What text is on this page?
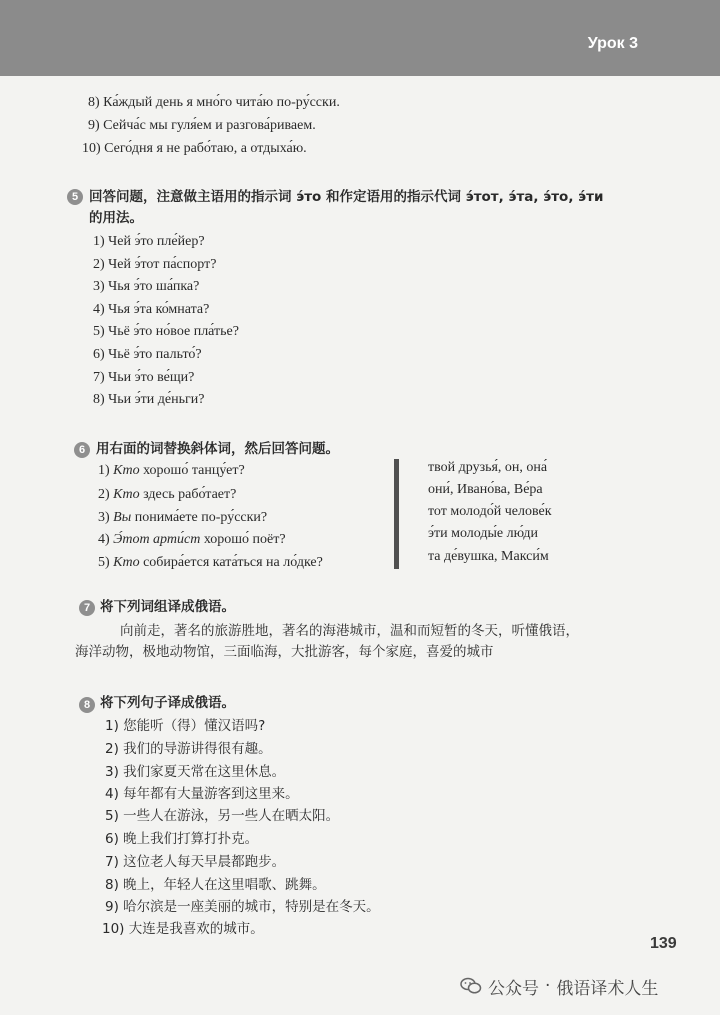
Урок 3
8) Ка́ждый день я мно́го чита́ю по-ру́сски.
9) Сейча́с мы гуля́ем и разгова́риваем.
10) Сего́дня я не рабо́таю, а отдыха́ю.
5 回答问题，注意做主语用的指示词 э́то 和作定语用的指示代词 э́тот, э́та, э́то, э́ти
的用法。
1) Чей э́то пле́йер?
2) Чей э́тот па́спорт?
3) Чья э́то ша́пка?
4) Чья э́та ко́мната?
5) Чьё э́то но́вое пла́тье?
6) Чьё э́то пальто́?
7) Чьи э́то ве́щи?
8) Чьи э́ти де́ньги?
6 用右面的词替换斜体词，然后回答问题。
1) Кто хорошо́ танцу́ет?
2) Кто здесь рабо́тает?
3) Вы понима́ете по-ру́сски?
4) Э́тот арти́ст хорошо́ поёт?
5) Кто собира́ется ката́ться на ло́дке?
твой друзья́, он, она́
они́, Ивано́ва, Ве́ра
тот молодо́й челове́к
э́ти молоды́е лю́ди
та де́вушка, Макси́м
7 将下列词组译成俄语。
向前走，著名的旅游胜地，著名的海港城市，温和而短暂的冬天，听懂俄语，
海洋动物，极地动物馆，三面临海，大批游客，每个家庭，喜爱的城市
8 将下列句子译成俄语。
1) 您能听（得）懂汉语吗?
2) 我们的导游讲得很有趣。
3) 我们家夏天常在这里休息。
4) 每年都有大量游客到这里来。
5) 一些人在游泳，另一些人在晒太阳。
6) 晚上我们打算打扑克。
7) 这位老人每天早晨都跑步。
8) 晚上，年轻人在这里唱歌、跳舞。
9) 哈尔滨是一座美丽的城市，特别是在冬天。
10) 大连是我喜欢的城市。
139
公众号 · 俄语译术人生
